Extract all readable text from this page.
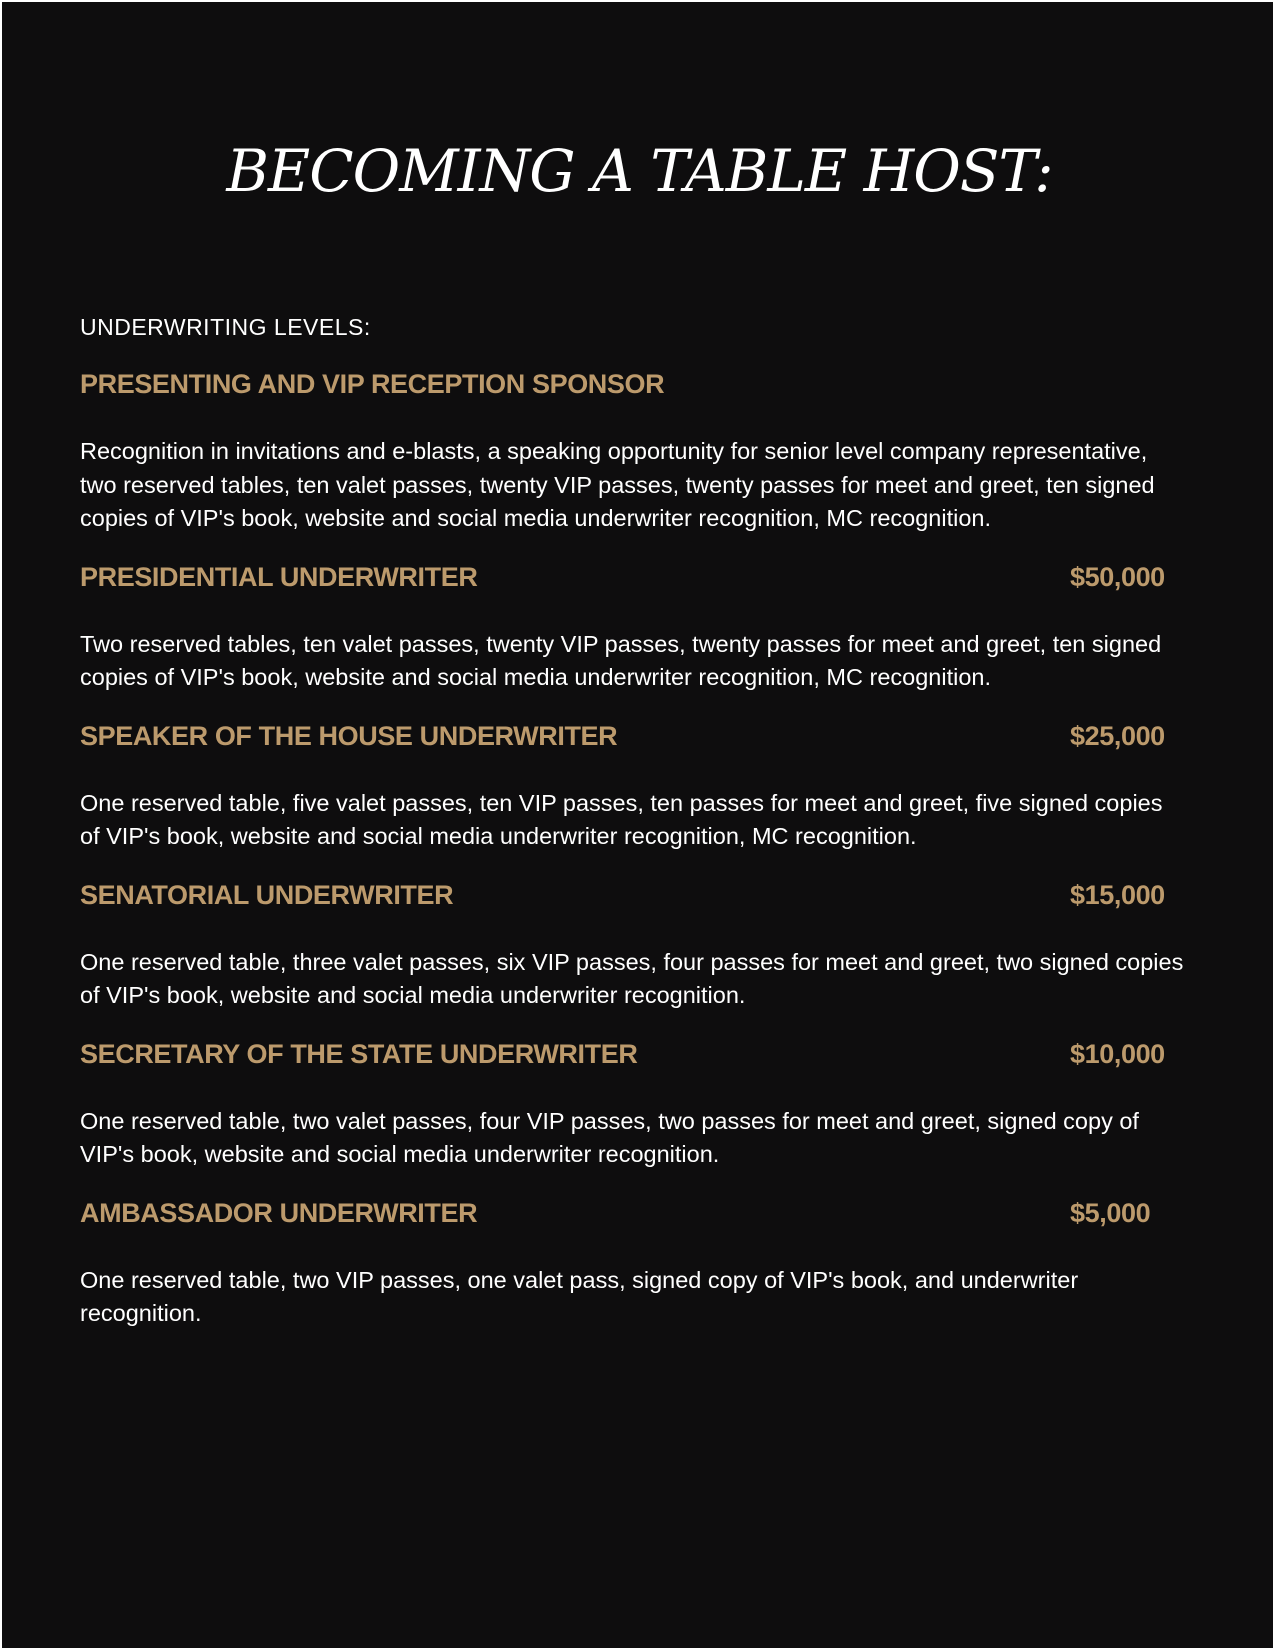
BECOMING A TABLE HOST:
UNDERWRITING LEVELS:
PRESENTING AND VIP RECEPTION SPONSOR
Recognition in invitations and e-blasts, a speaking opportunity for senior level company representative, two reserved tables, ten valet passes, twenty VIP passes, twenty passes for meet and greet, ten signed copies of VIP's book, website and social media underwriter recognition, MC recognition.
PRESIDENTIAL UNDERWRITER	$50,000
Two reserved tables, ten valet passes, twenty VIP passes, twenty passes for meet and greet, ten signed copies of VIP's book, website and social media underwriter recognition, MC recognition.
SPEAKER OF THE HOUSE UNDERWRITER	$25,000
One reserved table, five valet passes, ten VIP passes, ten passes for meet and greet, five signed copies of VIP's book, website and social media underwriter recognition, MC recognition.
SENATORIAL UNDERWRITER	$15,000
One reserved table, three valet passes, six VIP passes, four passes for meet and greet, two signed copies of VIP's book, website and social media underwriter recognition.
SECRETARY OF THE STATE UNDERWRITER	$10,000
One reserved table, two valet passes, four VIP passes, two passes for meet and greet, signed copy of VIP's book, website and social media underwriter recognition.
AMBASSADOR UNDERWRITER	$5,000
One reserved table, two VIP passes, one valet pass, signed copy of VIP's book, and underwriter recognition.
